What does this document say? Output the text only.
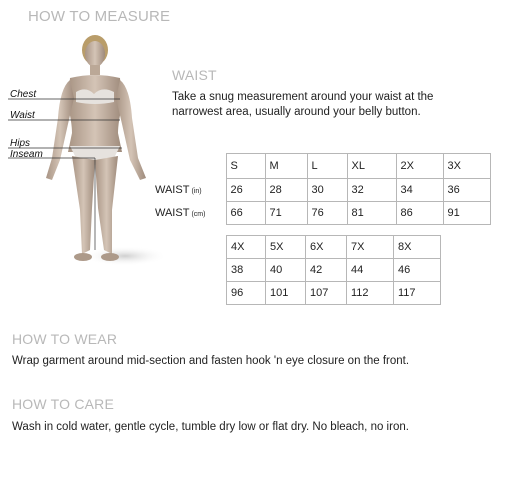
HOW TO MEASURE
Chest
Waist
Hips
Inseam
WAIST

Take a snug measurement around your waist at the narrowest area, usually around your belly button.

	S	M	L	XL	2X	3X
WAIST (in)	26	28	30	32	34	36
WAIST (cm)	66	71	76	81	86	91
4X	5X	6X	7X	8X
38	40	42	44	46
96	101	107	112	117
HOW TO WEAR

Wrap garment around mid-section and fasten hook 'n eye closure on the front.

HOW TO CARE

Wash in cold water, gentle cycle, tumble dry low or flat dry. No bleach, no iron.
